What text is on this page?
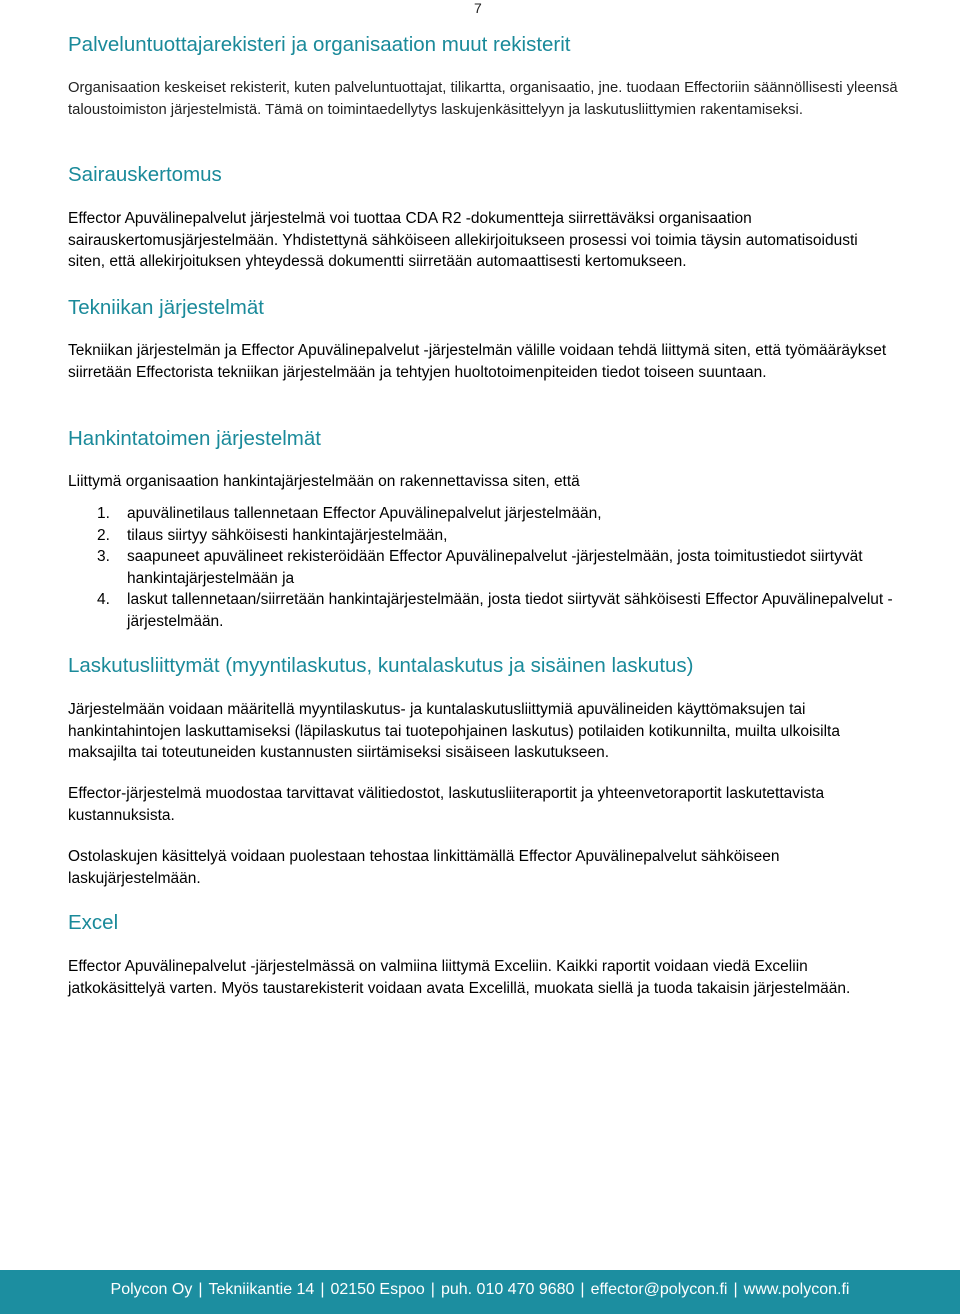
7
Palveluntuottajarekisteri ja organisaation muut rekisterit

Organisaation keskeiset rekisterit, kuten palveluntuottajat, tilikartta, organisaatio, jne. tuodaan Effectoriin säännöllisesti yleensä taloustoimiston järjestelmistä. Tämä on toimintaedellytys laskujenkäsittelyyn ja laskutusliittymien rakentamiseksi.

Sairauskertomus

Effector Apuvälinepalvelut järjestelmä voi tuottaa CDA R2 -dokumentteja siirrettäväksi organisaation sairauskertomusjärjestelmään. Yhdistettynä sähköiseen allekirjoitukseen prosessi voi toimia täysin automatisoidusti siten, että allekirjoituksen yhteydessä dokumentti siirretään automaattisesti kertomukseen.

Tekniikan järjestelmät

Tekniikan järjestelmän ja Effector Apuvälinepalvelut -järjestelmän välille voidaan tehdä liittymä siten, että työmääräykset siirretään Effectorista tekniikan järjestelmään ja tehtyjen huoltotoimenpiteiden tiedot toiseen suuntaan.

Hankintatoimen järjestelmät

Liittymä organisaation hankintajärjestelmään on rakennettavissa siten, että

1. apuvälinetilaus tallennetaan Effector Apuvälinepalvelut järjestelmään,
2. tilaus siirtyy sähköisesti hankintajärjestelmään,
3. saapuneet apuvälineet rekisteröidään Effector Apuvälinepalvelut -järjestelmään, josta toimitustiedot siirtyvät hankintajärjestelmään ja
4. laskut tallennetaan/siirretään hankintajärjestelmään, josta tiedot siirtyvät sähköisesti Effector Apuvälinepalvelut -järjestelmään.
Laskutusliittymät (myyntilaskutus, kuntalaskutus ja sisäinen laskutus)

Järjestelmään voidaan määritellä myyntilaskutus- ja kuntalaskutusliittymiä apuvälineiden käyttömaksujen tai hankintahintojen laskuttamiseksi (läpilaskutus tai tuotepohjainen laskutus) potilaiden kotikunnilta, muilta ulkoisilta maksajilta tai toteutuneiden kustannusten siirtämiseksi sisäiseen laskutukseen.

Effector-järjestelmä muodostaa tarvittavat välitiedostot, laskutusliiteraportit ja yhteenvetoraportit laskutettavista kustannuksista.

Ostolaskujen käsittelyä voidaan puolestaan tehostaa linkittämällä Effector Apuvälinepalvelut sähköiseen laskujärjestelmään.

Excel

Effector Apuvälinepalvelut -järjestelmässä on valmiina liittymä Exceliin. Kaikki raportit voidaan viedä Exceliin jatkokäsittelyä varten. Myös taustarekisterit voidaan avata Excelillä, muokata siellä ja tuoda takaisin järjestelmään.

Polycon Oy | Tekniikantie 14 | 02150 Espoo | puh. 010 470 9680 | effector@polycon.fi | www.polycon.fi
